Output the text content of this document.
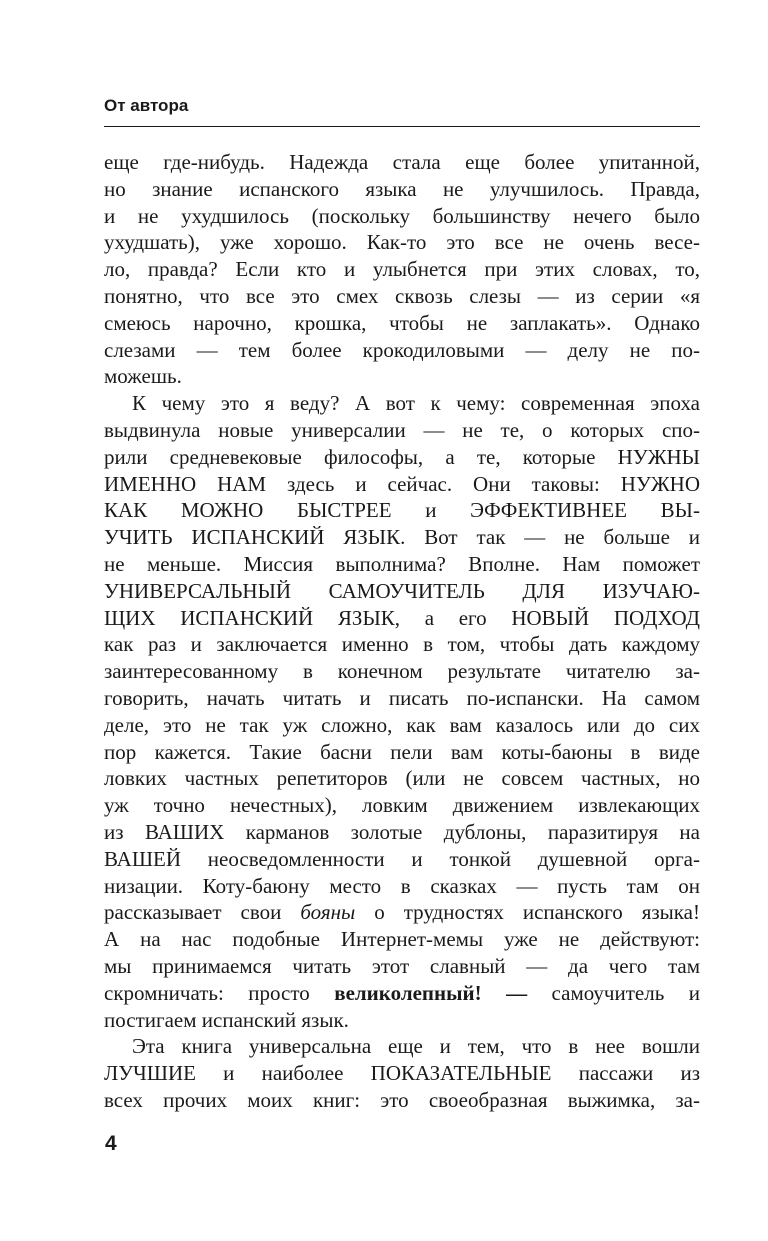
От автора
еще где-нибудь. Надежда стала еще более упитанной,
но знание испанского языка не улучшилось. Правда,
и не ухудшилось (поскольку большинству нечего было
ухудшать), уже хорошо. Как-то это все не очень весе-
ло, правда? Если кто и улыбнется при этих словах, то,
понятно, что все это смех сквозь слезы — из серии «я
смеюсь нарочно, крошка, чтобы не заплакать». Однако
слезами — тем более крокодиловыми — делу не по-
можешь.
К чему это я веду? А вот к чему: современная эпоха
выдвинула новые универсалии — не те, о которых спо-
рили средневековые философы, а те, которые НУЖНЫ
ИМЕННО НАМ здесь и сейчас. Они таковы: НУЖНО
КАК МОЖНО БЫСТРЕЕ и ЭФФЕКТИВНЕЕ ВЫ-
УЧИТЬ ИСПАНСКИЙ ЯЗЫК. Вот так — не больше и
не меньше. Миссия выполнима? Вполне. Нам поможет
УНИВЕРСАЛЬНЫЙ САМОУЧИТЕЛЬ ДЛЯ ИЗУЧАЮ-
ЩИХ ИСПАНСКИЙ ЯЗЫК, а его НОВЫЙ ПОДХОД
как раз и заключается именно в том, чтобы дать каждому
заинтересованному в конечном результате читателю за-
говорить, начать читать и писать по-испански. На самом
деле, это не так уж сложно, как вам казалось или до сих
пор кажется. Такие басни пели вам коты-баюны в виде
ловких частных репетиторов (или не совсем частных, но
уж точно нечестных), ловким движением извлекающих
из ВАШИХ карманов золотые дублоны, паразитируя на
ВАШЕЙ неосведомленности и тонкой душевной орга-
низации. Коту-баюну место в сказках — пусть там он
рассказывает свои бояны о трудностях испанского языка!
А на нас подобные Интернет-мемы уже не действуют:
мы принимаемся читать этот славный — да чего там
скромничать: просто великолепный! — самоучитель и
постигаем испанский язык.
Эта книга универсальна еще и тем, что в нее вошли
ЛУЧШИЕ и наиболее ПОКАЗАТЕЛЬНЫЕ пассажи из
всех прочих моих книг: это своеобразная выжимка, за-
4
